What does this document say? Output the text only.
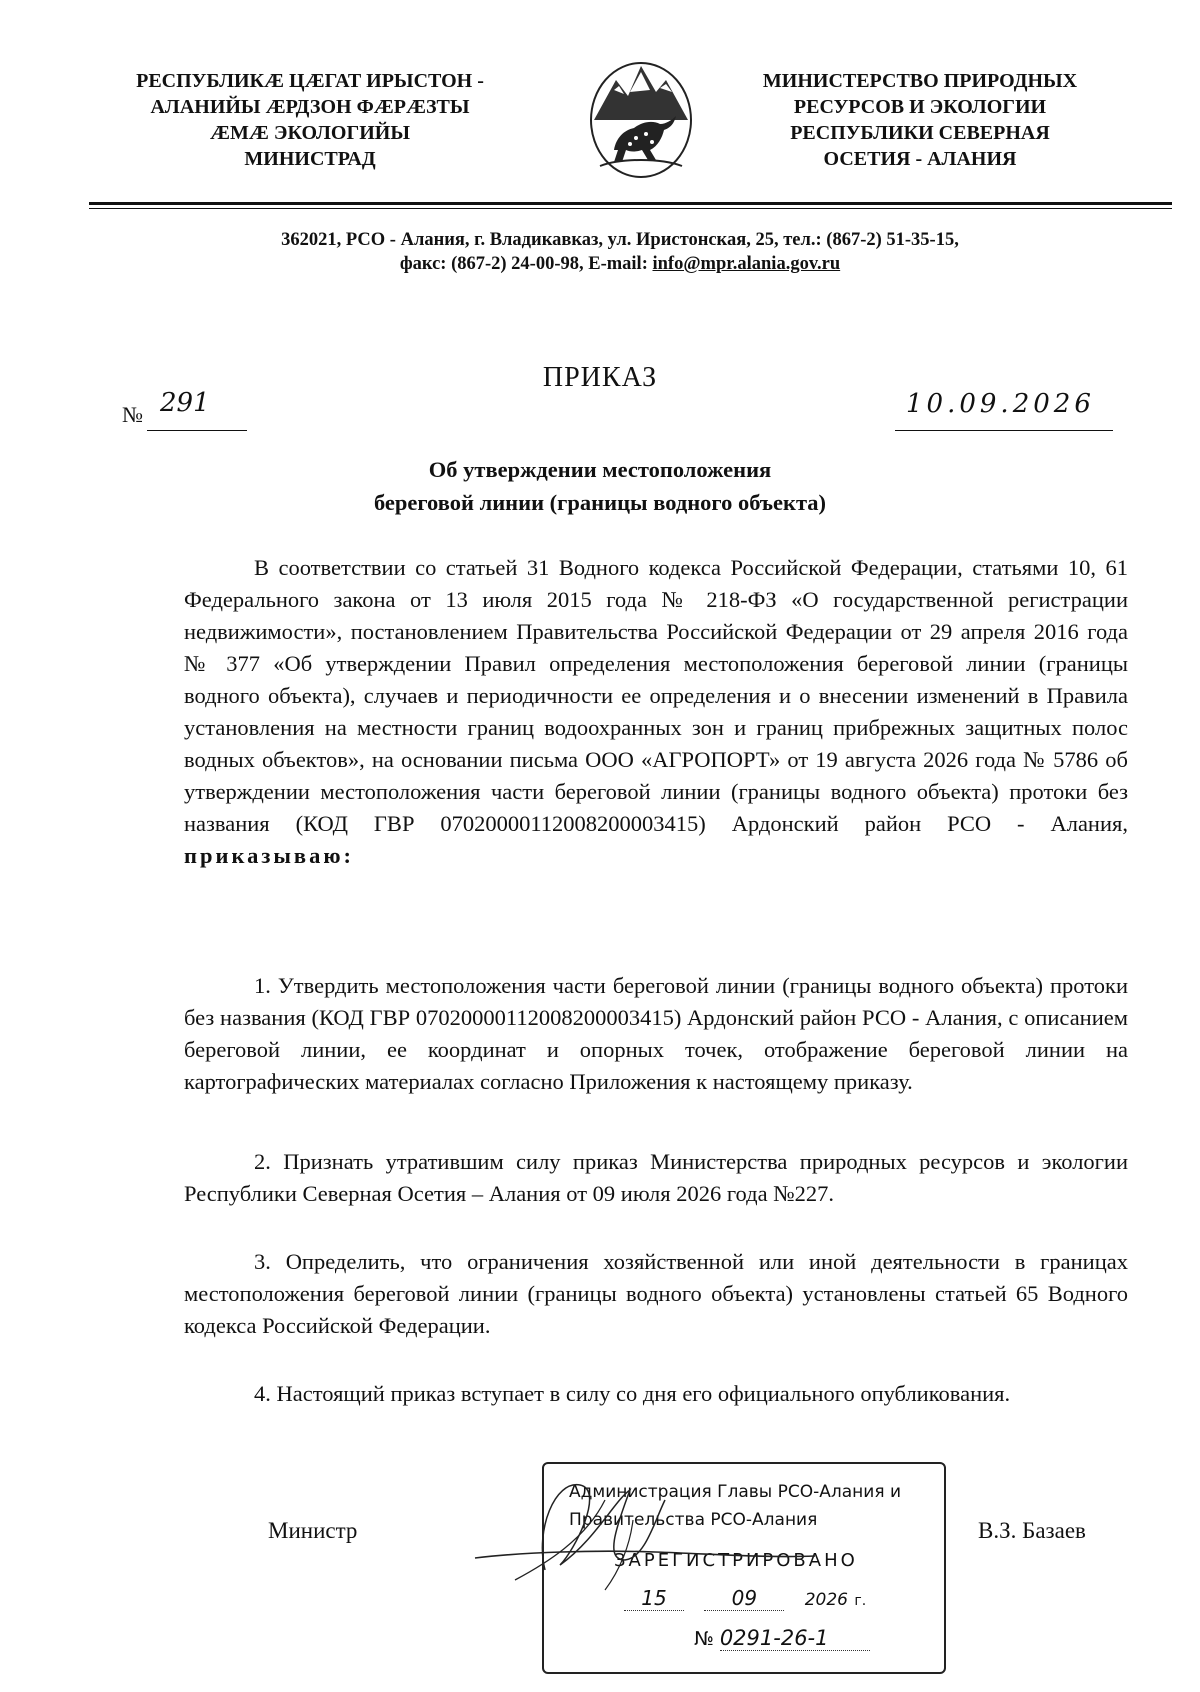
РЕСПУБЛИКÆ ЦÆГАТ ИРЫСТОН -
АЛАНИЙЫ ÆРДЗОН ФÆРÆЗТЫ
ÆМÆ ЭКОЛОГИЙЫ
МИНИСТРАД
МИНИСТЕРСТВО ПРИРОДНЫХ
РЕСУРСОВ И ЭКОЛОГИИ
РЕСПУБЛИКИ СЕВЕРНАЯ
ОСЕТИЯ - АЛАНИЯ
362021, РСО - Алания, г. Владикавказ, ул. Иристонская, 25, тел.: (867-2) 51-35-15,
факс: (867-2) 24-00-98, E-mail: info@mpr.alania.gov.ru
ПРИКАЗ
№ 291	10.09.2026
Об утверждении местоположения
береговой линии (границы водного объекта)

В соответствии со статьей 31 Водного кодекса Российской Федерации, статьями 10, 61 Федерального закона от 13 июля 2015 года № 218-ФЗ «О государственной регистрации недвижимости», постановлением Правительства Российской Федерации от 29 апреля 2016 года № 377 «Об утверждении Правил определения местоположения береговой линии (границы водного объекта), случаев и периодичности ее определения и о внесении изменений в Правила установления на местности границ водоохранных зон и границ прибрежных защитных полос водных объектов», на основании письма ООО «АГРОПОРТ» от 19 августа 2026 года № 5786 об утверждении местоположения части береговой линии (границы водного объекта) протоки без названия (КОД ГВР 07020000112008200003415) Ардонский район РСО - Алания, приказываю:

1. Утвердить местоположения части береговой линии (границы водного объекта) протоки без названия (КОД ГВР 07020000112008200003415) Ардонский район РСО - Алания, с описанием береговой линии, ее координат и опорных точек, отображение береговой линии на картографических материалах согласно Приложения к настоящему приказу.

2. Признать утратившим силу приказ Министерства природных ресурсов и экологии Республики Северная Осетия – Алания от 09 июля 2026 года №227.

3. Определить, что ограничения хозяйственной или иной деятельности в границах местоположения береговой линии (границы водного объекта) установлены статьей 65 Водного кодекса Российской Федерации.

4. Настоящий приказ вступает в силу со дня его официального опубликования.

Министр	В.З. Базаев
Администрация Главы РСО-Алания и
Правительства РСО-Алания
ЗАРЕГИСТРИРОВАНО
15	09	2026 г.
№ 0291-26-1
